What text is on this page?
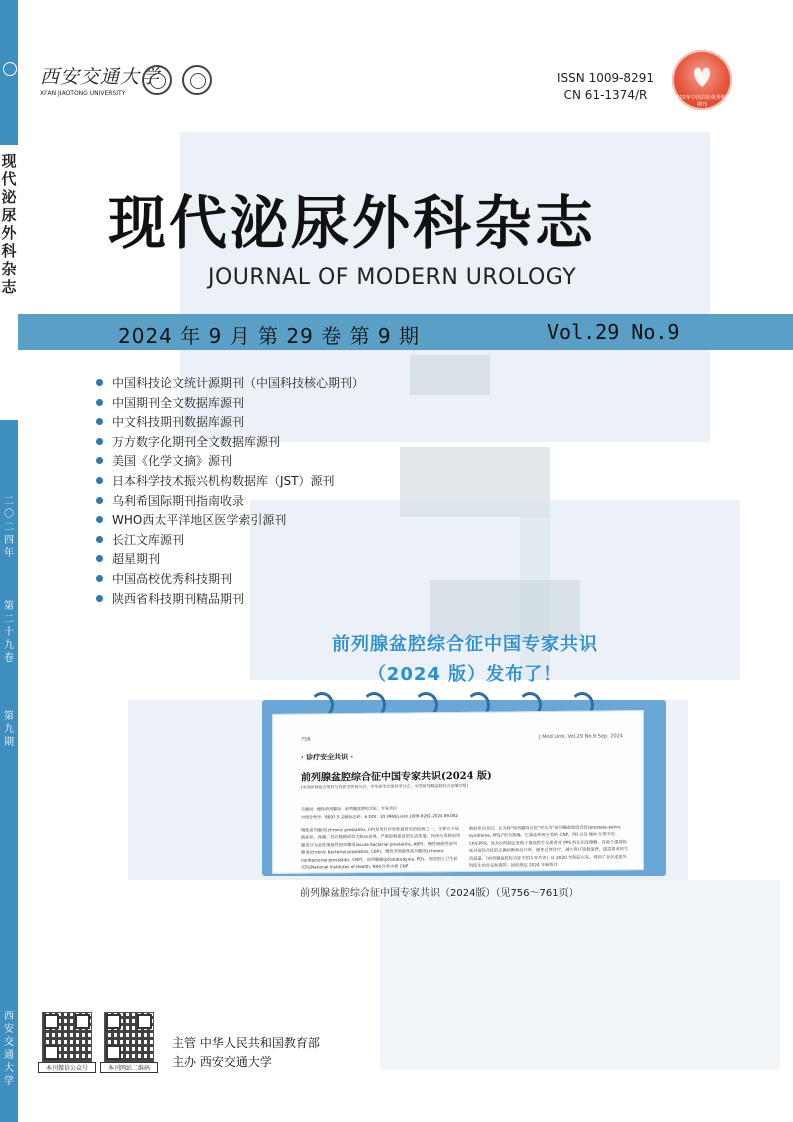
现代泌尿外科杂志
二〇二四年
第二十九卷
第九期
西安交通大学
西安交通大学
XI'AN JIAOTONG UNIVERSITY
ISSN 1009-8291
CN 61-1374/R	2022年中国高校优秀科技期刊
现代泌尿外科杂志
JOURNAL OF MODERN UROLOGY
2024 年 9 月 第 29 卷 第 9 期	Vol.29 No.9
中国科技论文统计源期刊（中国科技核心期刊）
中国期刊全文数据库源刊
中文科技期刊数据库源刊
万方数字化期刊全文数据库源刊
美国《化学文摘》源刊
日本科学技术振兴机构数据库（JST）源刊
乌利希国际期刊指南收录
WHO西太平洋地区医学索引源刊
长江文库源刊
超星期刊
中国高校优秀科技期刊
陕西省科技期刊精品期刊
前列腺盆腔综合征中国专家共识
（2024 版）发布了！
756	J Mod Urol, Vol.29 No.9 Sep. 2024
· 诊疗安全共识 ·
前列腺盆腔综合征中国专家共识(2024 版)
(中国医师协会男科与性医学医师分会，中华医学会男科学分会，中国前列腺盆腔综合征编写组)
关键词：慢性前列腺炎；前列腺盆腔综合征；专家共识
中图分类号：R697.3 文献标志码：A DOI：10.3969/j.issn.1009-8291.2024.09.002
慢性前列腺炎(chronic prostatitis, CP)是青壮年男性最常见的疾病之一，主要以下尿路症状、疼痛、性功能障碍等为临床表现，严重影响患者的生活质量。传统分类将前列腺炎分为急性细菌性前列腺炎(acute bacterial prostatitis, ABP)、慢性细菌性前列腺炎(chronic bacterial prostatitis, CBP)、慢性非细菌性前列腺炎(chronic nonbacterial prostatitis, CNP)、前列腺痛(prostatodynia, PD)。美国国立卫生研究院(National Institutes of Health, NIH)分类中将 CNP
新的诊治共识，认为将"前列腺综合征"更名为"前列腺盆腔综合征(prostate-pelvic syndrome, PPS)"更为准确。它涵盖传统分类的 CNP、PD 以及 NIH 分类中的 CP/CPPS。该共识的制定有助于提高医生及患者对 PPS 的认识及理解，有助于提高临床对该综合征的正确诊断和治疗率，避免过度诊疗，减少医疗资源浪费，提高患者的生活质量。《前列腺盆腔综合征中国专家共识》自 2020 年制定以来，得到了众多泌尿外科医生的肯定和推荐。因此制定 2024 年新版共
前列腺盆腔综合征中国专家共识（2024版）（见756～761页）
本刊微信公众号	本刊网站二维码
主管 中华人民共和国教育部
主办 西安交通大学
